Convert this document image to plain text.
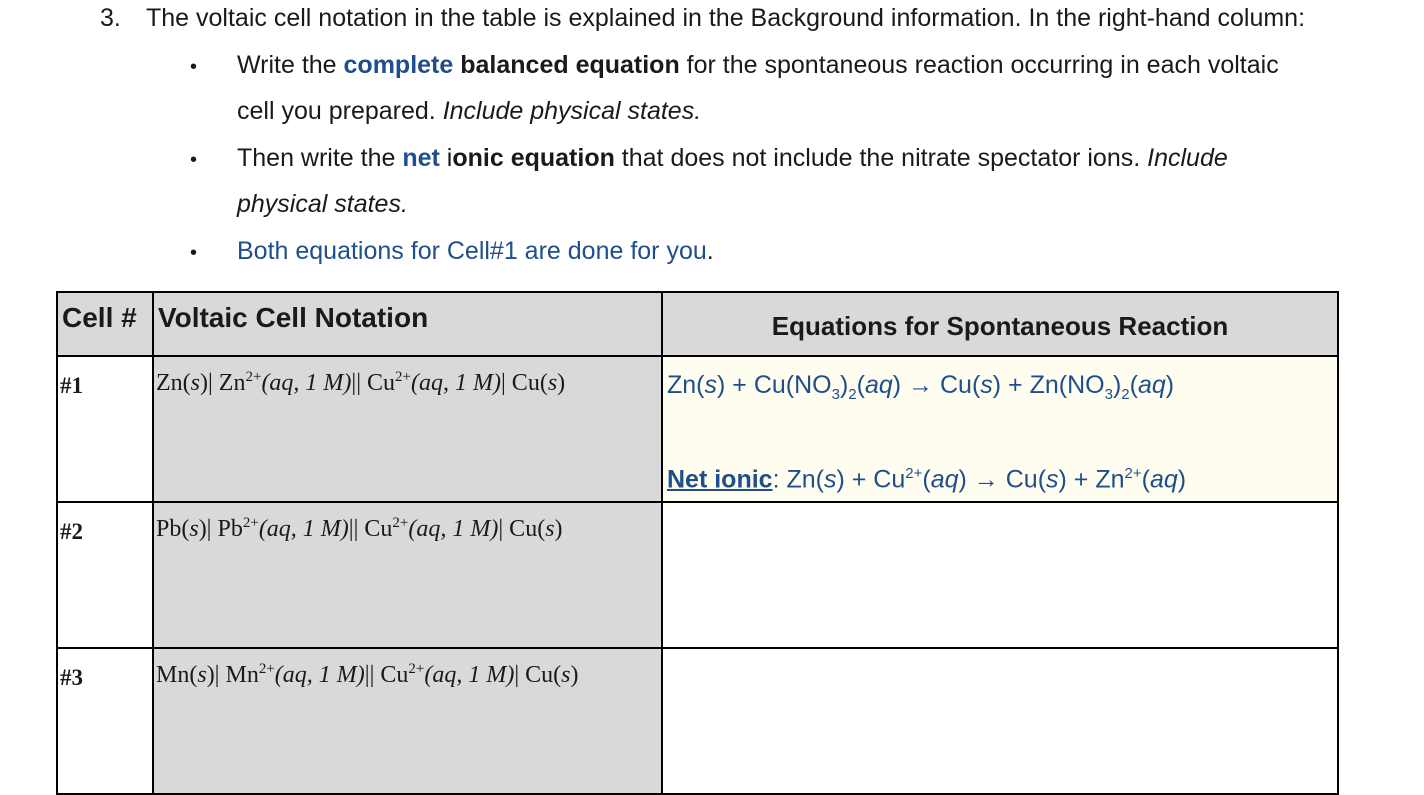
3. The voltaic cell notation in the table is explained in the Background information. In the right-hand column:
• Write the complete balanced equation for the spontaneous reaction occurring in each voltaic
cell you prepared. Include physical states.
• Then write the net ionic equation that does not include the nitrate spectator ions. Include
physical states.
• Both equations for Cell#1 are done for you.
Cell #	Voltaic Cell Notation	Equations for Spontaneous Reaction
#1	Zn(s)| $Zn^{2+}(aq$, 1 M)|| $Cu^{2+}(aq$, 1 M)| Cu(s)	$Zn(s) + Cu(NO_3)_2(aq) \to Cu(s) + Zn(NO_3)_2(aq)$
Net ionic: $Zn(s) + Cu^{2+}(aq) \to Cu(s) + Zn^{2+}(aq)$

#2	Pb(s)| $Pb^{2+}(aq$, 1 M)|| $Cu^{2+}(aq$, 1 M)| Cu(s)	
#3	Mn(s)| $Mn^{2+}(aq$, 1 M)|| $Cu^{2+}(aq$, 1 M)| Cu(s)	
